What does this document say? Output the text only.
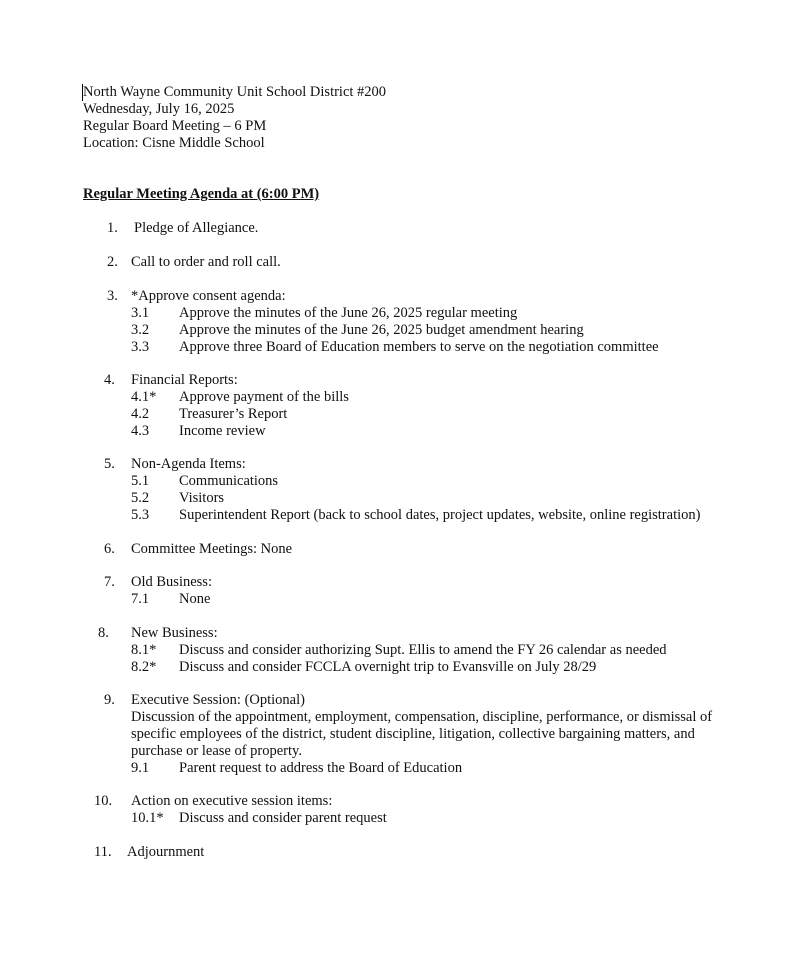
North Wayne Community Unit School District #200
Wednesday, July 16, 2025
Regular Board Meeting – 6 PM
Location: Cisne Middle School
Regular Meeting Agenda at (6:00 PM)
1. Pledge of Allegiance.
2. Call to order and roll call.
3. *Approve consent agenda:
3.1 Approve the minutes of the June 26, 2025 regular meeting
3.2 Approve the minutes of the June 26, 2025 budget amendment hearing
3.3 Approve three Board of Education members to serve on the negotiation committee
4. Financial Reports:
4.1* Approve payment of the bills
4.2 Treasurer’s Report
4.3 Income review
5. Non-Agenda Items:
5.1 Communications
5.2 Visitors
5.3 Superintendent Report (back to school dates, project updates, website, online registration)
6. Committee Meetings: None
7. Old Business:
7.1 None
8. New Business:
8.1* Discuss and consider authorizing Supt. Ellis to amend the FY 26 calendar as needed
8.2* Discuss and consider FCCLA overnight trip to Evansville on July 28/29
9. Executive Session: (Optional)
Discussion of the appointment, employment, compensation, discipline, performance, or dismissal of
specific employees of the district, student discipline, litigation, collective bargaining matters, and
purchase or lease of property.
9.1 Parent request to address the Board of Education
10. Action on executive session items:
10.1* Discuss and consider parent request
11. Adjournment
